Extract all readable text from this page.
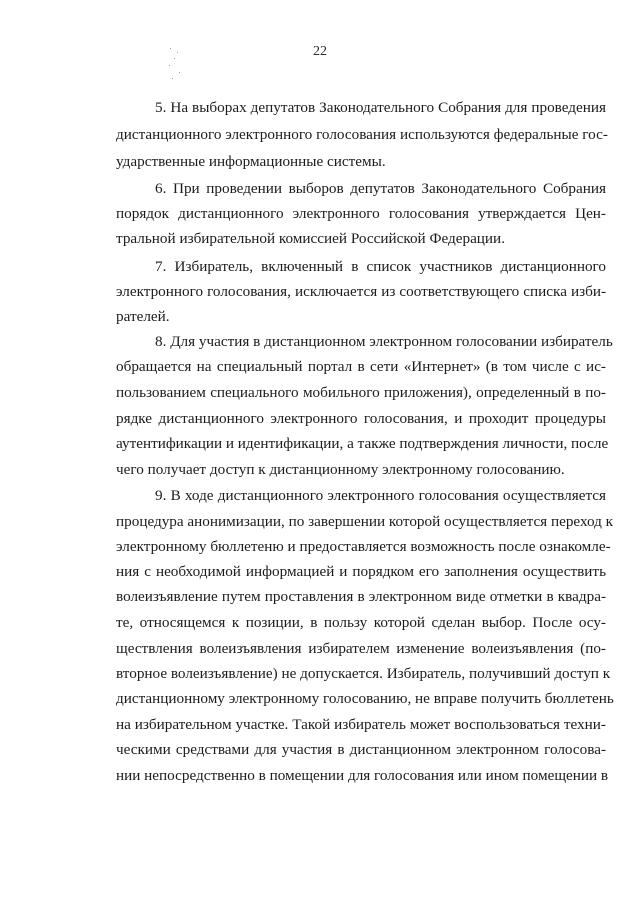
22
5. На выборах депутатов Законодательного Собрания для проведения
дистанционного электронного голосования используются федеральные гос-
ударственные информационные системы.
6. При проведении выборов депутатов Законодательного Собрания
порядок дистанционного электронного голосования утверждается Цен-
тральной избирательной комиссией Российской Федерации.
7. Избиратель, включенный в список участников дистанционного
электронного голосования, исключается из соответствующего списка изби-
рателей.
8. Для участия в дистанционном электронном голосовании избиратель
обращается на специальный портал в сети «Интернет» (в том числе с ис-
пользованием специального мобильного приложения), определенный в по-
рядке дистанционного электронного голосования, и проходит процедуры
аутентификации и идентификации, а также подтверждения личности, после
чего получает доступ к дистанционному электронному голосованию.
9. В ходе дистанционного электронного голосования осуществляется
процедура анонимизации, по завершении которой осуществляется переход к
электронному бюллетеню и предоставляется возможность после ознакомле-
ния с необходимой информацией и порядком его заполнения осуществить
волеизъявление путем проставления в электронном виде отметки в квадра-
те, относящемся к позиции, в пользу которой сделан выбор. После осу-
ществления волеизъявления избирателем изменение волеизъявления (по-
вторное волеизъявление) не допускается. Избиратель, получивший доступ к
дистанционному электронному голосованию, не вправе получить бюллетень
на избирательном участке. Такой избиратель может воспользоваться техни-
ческими средствами для участия в дистанционном электронном голосова-
нии непосредственно в помещении для голосования или ином помещении в
